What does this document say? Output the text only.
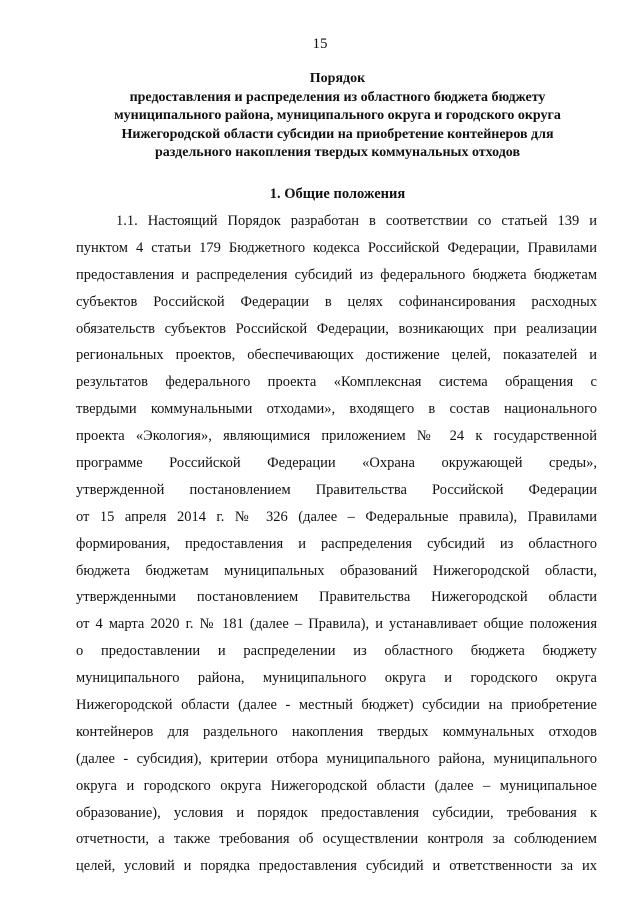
15
Порядок
предоставления и распределения из областного бюджета бюджету
муниципального района, муниципального округа и городского округа
Нижегородской области субсидии на приобретение контейнеров для
раздельного накопления твердых коммунальных отходов
1. Общие положения
1.1. Настоящий Порядок разработан в соответствии со статьей 139 и
пунктом 4 статьи 179 Бюджетного кодекса Российской Федерации, Правилами
предоставления и распределения субсидий из федерального бюджета бюджетам
субъектов Российской Федерации в целях софинансирования расходных
обязательств субъектов Российской Федерации, возникающих при реализации
региональных проектов, обеспечивающих достижение целей, показателей и
результатов федерального проекта «Комплексная система обращения с
твердыми коммунальными отходами», входящего в состав национального
проекта «Экология», являющимися приложением № 24 к государственной
программе Российской Федерации «Охрана окружающей среды»,
утвержденной постановлением Правительства Российской Федерации
от 15 апреля 2014 г. № 326 (далее – Федеральные правила), Правилами
формирования, предоставления и распределения субсидий из областного
бюджета бюджетам муниципальных образований Нижегородской области,
утвержденными постановлением Правительства Нижегородской области
от 4 марта 2020 г. № 181 (далее – Правила), и устанавливает общие положения
о предоставлении и распределении из областного бюджета бюджету
муниципального района, муниципального округа и городского округа
Нижегородской области (далее - местный бюджет) субсидии на приобретение
контейнеров для раздельного накопления твердых коммунальных отходов
(далее - субсидия), критерии отбора муниципального района, муниципального
округа и городского округа Нижегородской области (далее – муниципальное
образование), условия и порядок предоставления субсидии, требования к
отчетности, а также требования об осуществлении контроля за соблюдением
целей, условий и порядка предоставления субсидий и ответственности за их
